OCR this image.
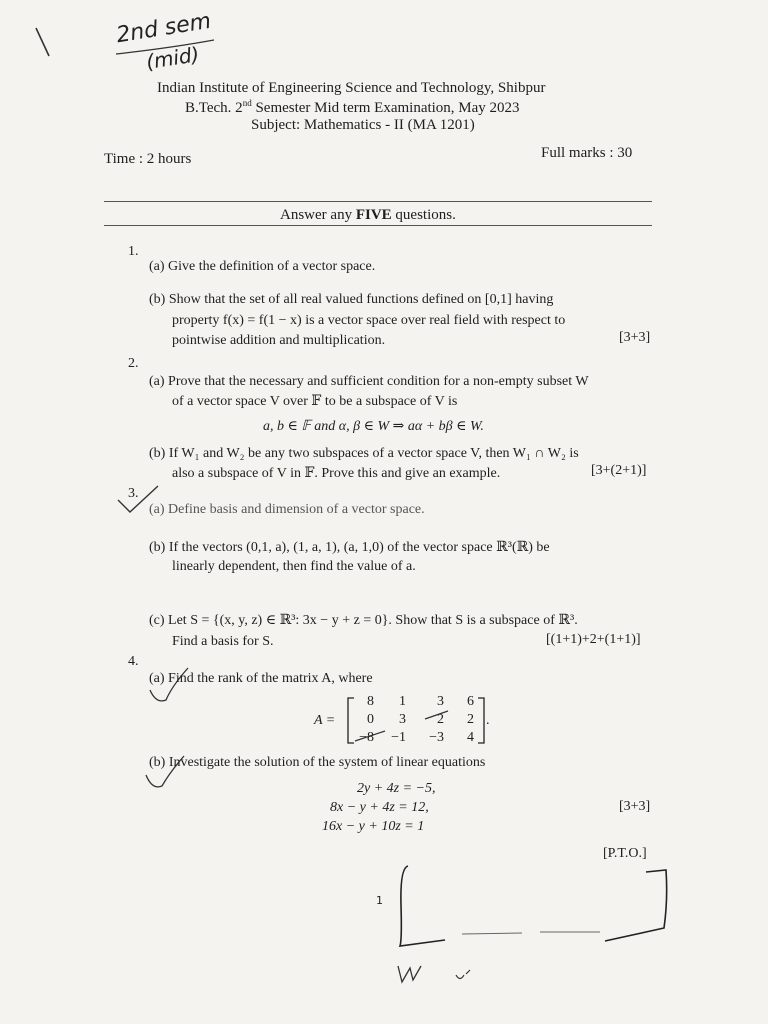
2nd sem
(mid)
Indian Institute of Engineering Science and Technology, Shibpur
B.Tech. 2nd Semester Mid term Examination, May 2023
Subject: Mathematics - II (MA 1201)
Time : 2 hours	Full marks : 30
Answer any FIVE questions.
1.
(a) Give the definition of a vector space.
(b) Show that the set of all real valued functions defined on [0,1] having
property f(x) = f(1 − x) is a vector space over real field with respect to
pointwise addition and multiplication.	[3+3]
2.
(a) Prove that the necessary and sufficient condition for a non-empty subset W
of a vector space V over 𝔽 to be a subspace of V is
a, b ∈ 𝔽 and α, β ∈ W ⇒ aα + bβ ∈ W.
(b) If W₁ and W₂ be any two subspaces of a vector space V, then W₁ ∩ W₂ is
also a subspace of V in 𝔽. Prove this and give an example.	[3+(2+1)]
3.
(a) Define basis and dimension of a vector space.
(b) If the vectors (0,1, a), (1, a, 1), (a, 1,0) of the vector space ℝ³(ℝ) be
linearly dependent, then find the value of a.
(c) Let S = {(x, y, z) ∈ ℝ³: 3x − y + z = 0}. Show that S is a subspace of ℝ³.
Find a basis for S.	[(1+1)+2+(1+1)]
4.
(a) Find the rank of the matrix A, where
A =
8	1	3	6
0	3	2	2
−8	−1	−3	4
.
(b) Investigate the solution of the system of linear equations
2y + 4z = −5,
8x − y + 4z = 12,
16x − y + 10z = 1
[3+3]
[P.T.O.]
1
